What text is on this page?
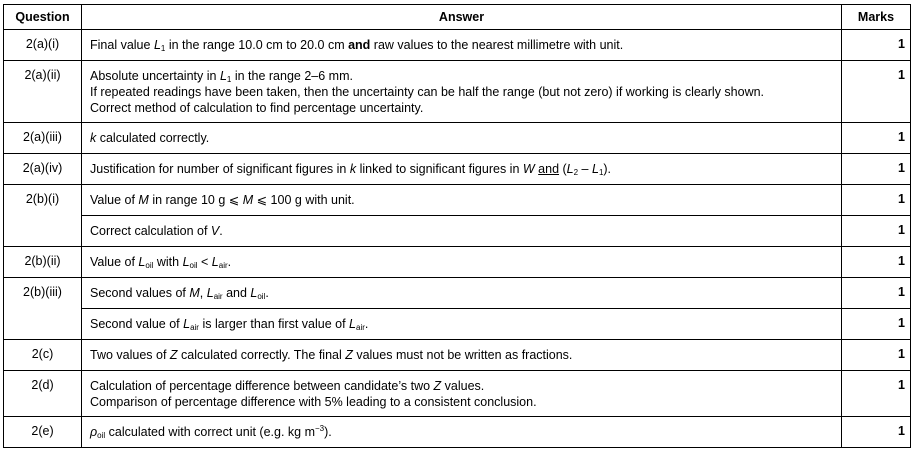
Question	Answer	Marks
2(a)(i)	Final value $L_1$ in the range 10.0 cm to 20.0 cm and raw values to the nearest millimetre with unit.	1
2(a)(ii)	Absolute uncertainty in $L_1$ in the range 2–6 mm.
If repeated readings have been taken, then the uncertainty can be half the range (but not zero) if working is clearly shown.
Correct method of calculation to find percentage uncertainty.	1
2(a)(iii)	k calculated correctly.	1
2(a)(iv)	Justification for number of significant figures in k linked to significant figures in W and $(L_2 - L_1)$.	1
2(b)(i)	Value of M in range 10 g ⩽ M ⩽ 100 g with unit.	1
	Correct calculation of V.	1
2(b)(ii)	Value of $L_{oil}$ with $L_{oil} < L_{air}$.	1
2(b)(iii)	Second values of M, $L_{air}$ and $L_{oil}$.	1
	Second value of $L_{air}$ is larger than first value of $L_{air}$.	1
2(c)	Two values of Z calculated correctly. The final Z values must not be written as fractions.	1
2(d)	Calculation of percentage difference between candidate’s two Z values.
Comparison of percentage difference with 5% leading to a consistent conclusion.	1
2(e)	$\rho_{oil}$ calculated with correct unit (e.g. kg $m^{-3}$).	1
